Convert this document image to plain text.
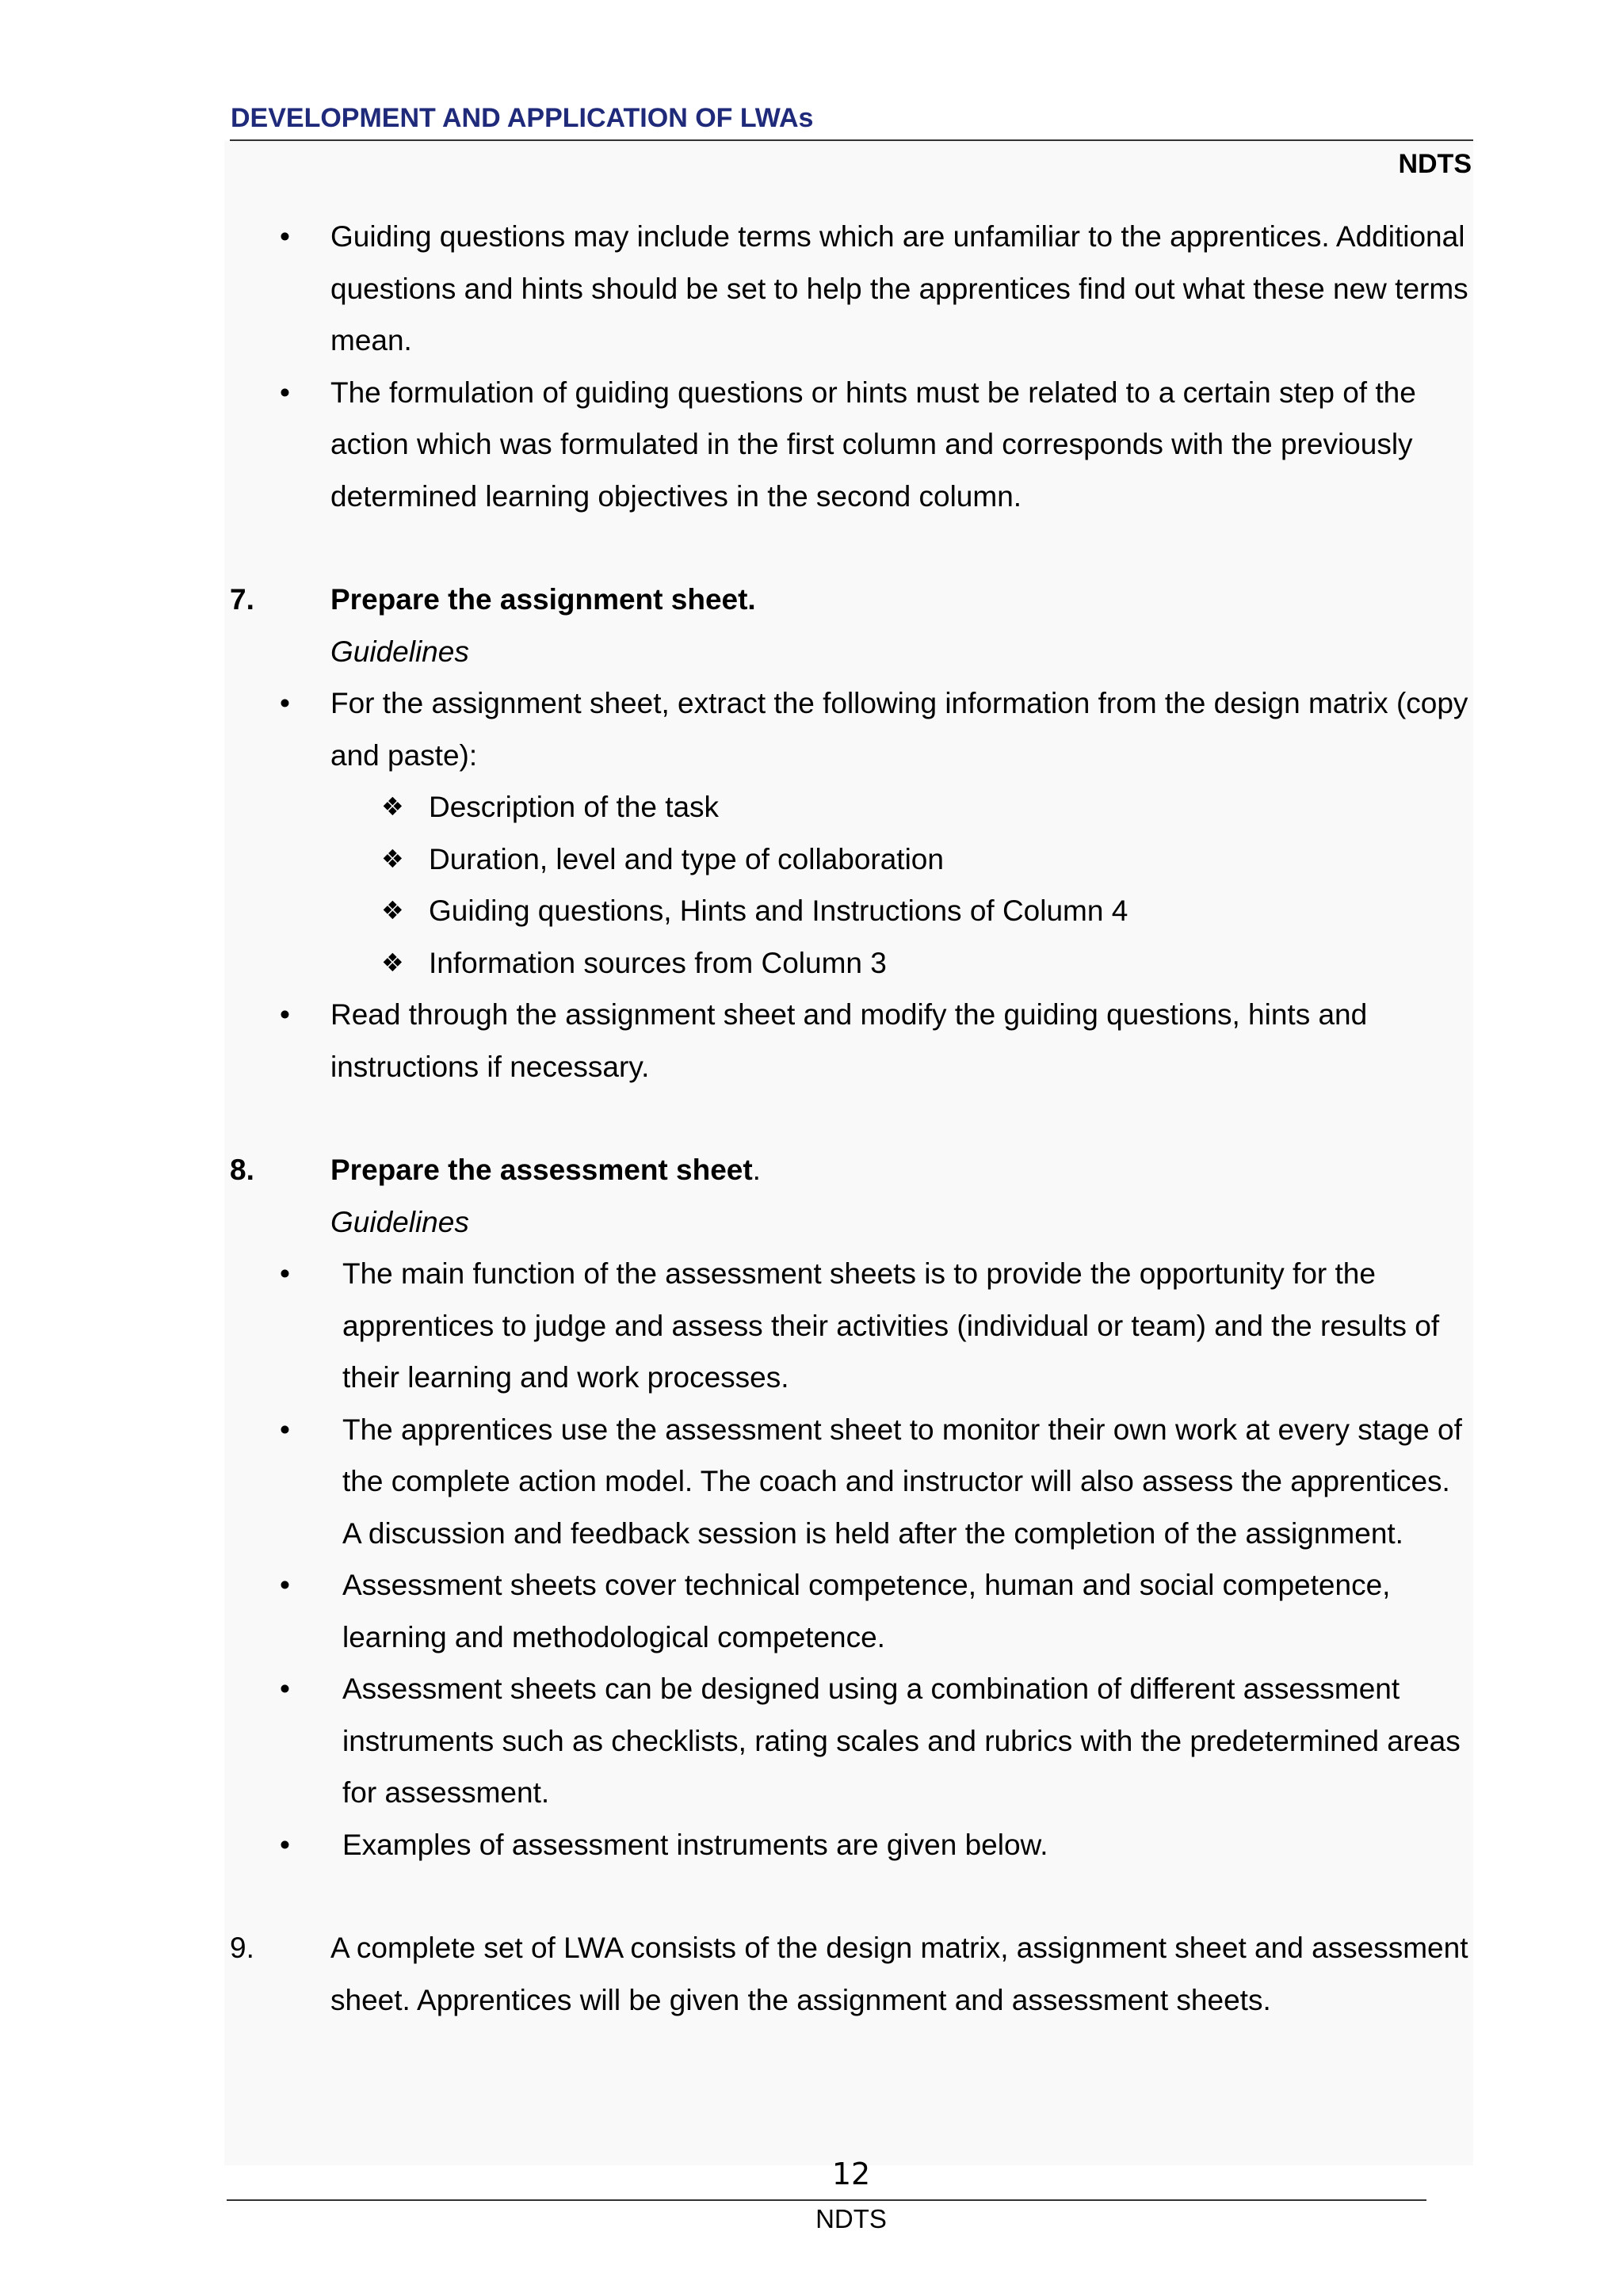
DEVELOPMENT AND APPLICATION OF LWAs
NDTS
• Guiding questions may include terms which are unfamiliar to the apprentices. Additional questions and hints should be set to help the apprentices find out what these new terms mean.
• The formulation of guiding questions or hints must be related to a certain step of the action which was formulated in the first column and corresponds with the previously determined learning objectives in the second column.
7.	Prepare the assignment sheet.
Guidelines
• For the assignment sheet, extract the following information from the design matrix (copy and paste):
❖ Description of the task
❖ Duration, level and type of collaboration
❖ Guiding questions, Hints and Instructions of Column 4
❖ Information sources from Column 3
• Read through the assignment sheet and modify the guiding questions, hints and instructions if necessary.
8.	Prepare the assessment sheet.
Guidelines
• The main function of the assessment sheets is to provide the opportunity for the apprentices to judge and assess their activities (individual or team) and the results of their learning and work processes.
• The apprentices use the assessment sheet to monitor their own work at every stage of the complete action model. The coach and instructor will also assess the apprentices. A discussion and feedback session is held after the completion of the assignment.
• Assessment sheets cover technical competence, human and social competence, learning and methodological competence.
• Assessment sheets can be designed using a combination of different assessment instruments such as checklists, rating scales and rubrics with the predetermined areas for assessment.
• Examples of assessment instruments are given below.
9.	A complete set of LWA consists of the design matrix, assignment sheet and assessment sheet. Apprentices will be given the assignment and assessment sheets.
12
NDTS
